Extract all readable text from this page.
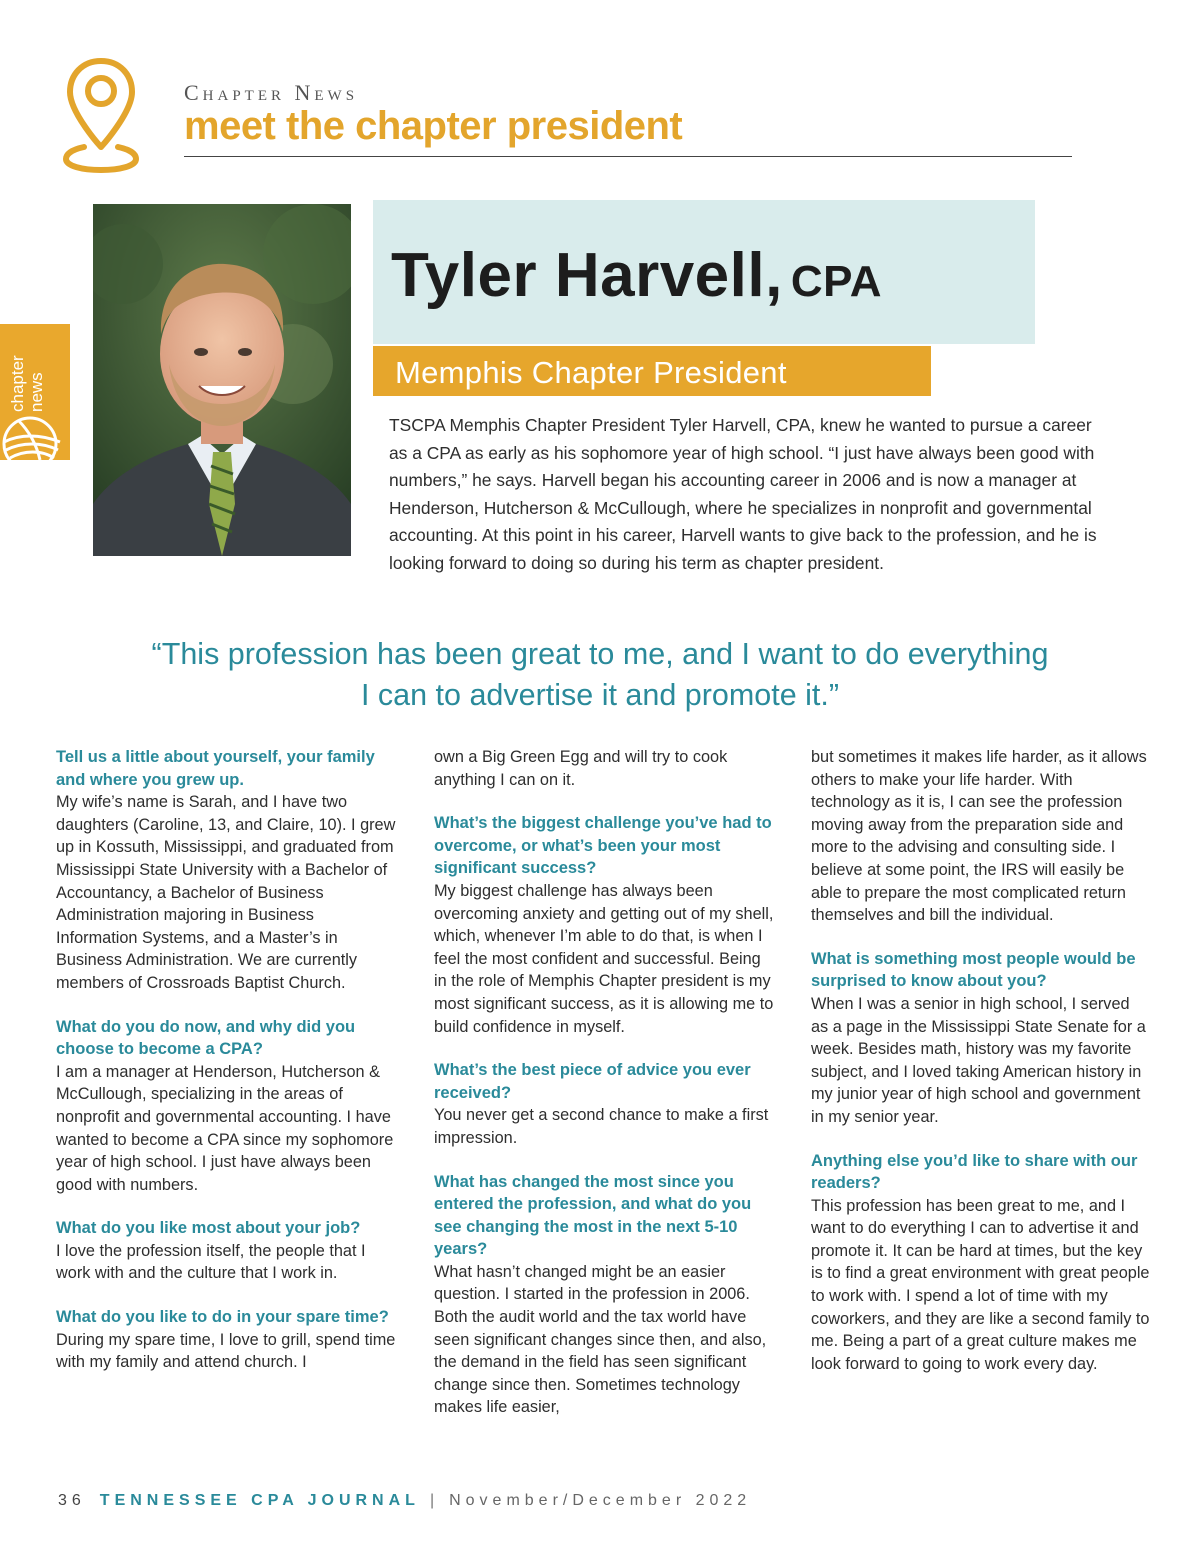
Chapter News
meet the chapter president
chapter
news
Tyler Harvell, CPA
Memphis Chapter President
TSCPA Memphis Chapter President Tyler Harvell, CPA, knew he wanted to pursue a career as a CPA as early as his sophomore year of high school. “I just have always been good with numbers,” he says. Harvell began his accounting career in 2006 and is now a manager at Henderson, Hutcherson & McCullough, where he specializes in nonprofit and governmental accounting. At this point in his career, Harvell wants to give back to the profession, and he is looking forward to doing so during his term as chapter president.
“This profession has been great to me, and I want to do everything I can to advertise it and promote it.”

Tell us a little about yourself, your family and where you grew up.

My wife’s name is Sarah, and I have two daughters (Caroline, 13, and Claire, 10). I grew up in Kossuth, Mississippi, and graduated from Mississippi State University with a Bachelor of Accountancy, a Bachelor of Business Administration majoring in Business Information Systems, and a Master’s in Business Administration. We are currently members of Crossroads Baptist Church.

What do you do now, and why did you choose to become a CPA?

I am a manager at Henderson, Hutcherson & McCullough, specializing in the areas of nonprofit and governmental accounting. I have wanted to become a CPA since my sophomore year of high school. I just have always been good with numbers.

What do you like most about your job?

I love the profession itself, the people that I work with and the culture that I work in.

What do you like to do in your spare time?

During my spare time, I love to grill, spend time with my family and attend church. I

own a Big Green Egg and will try to cook anything I can on it.

What’s the biggest challenge you’ve had to overcome, or what’s been your most significant success?

My biggest challenge has always been overcoming anxiety and getting out of my shell, which, whenever I’m able to do that, is when I feel the most confident and successful. Being in the role of Memphis Chapter president is my most significant success, as it is allowing me to build confidence in myself.

What’s the best piece of advice you ever received?

You never get a second chance to make a first impression.

What has changed the most since you entered the profession, and what do you see changing the most in the next 5-10 years?

What hasn’t changed might be an easier question. I started in the profession in 2006. Both the audit world and the tax world have seen significant changes since then, and also, the demand in the field has seen significant change since then. Sometimes technology makes life easier,

but sometimes it makes life harder, as it allows others to make your life harder. With technology as it is, I can see the profession moving away from the preparation side and more to the advising and consulting side. I believe at some point, the IRS will easily be able to prepare the most complicated return themselves and bill the individual.

What is something most people would be surprised to know about you?

When I was a senior in high school, I served as a page in the Mississippi State Senate for a week. Besides math, history was my favorite subject, and I loved taking American history in my junior year of high school and government in my senior year.

Anything else you’d like to share with our readers?

This profession has been great to me, and I want to do everything I can to advertise it and promote it. It can be hard at times, but the key is to find a great environment with great people to work with. I spend a lot of time with my coworkers, and they are like a second family to me. Being a part of a great culture makes me look forward to going to work every day.

36 TENNESSEE CPA JOURNAL | November/December 2022
